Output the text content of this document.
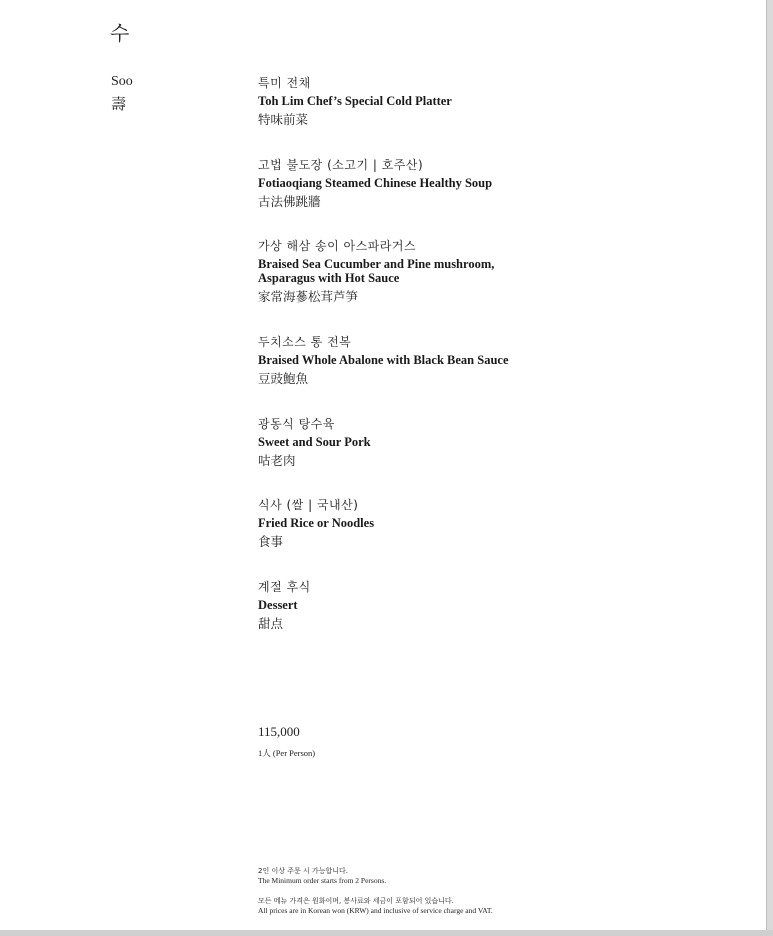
수
Soo
壽
특미 전채
Toh Lim Chef’s Special Cold Platter
特味前菜
고법 불도장 (소고기 | 호주산)
Fotiaoqiang Steamed Chinese Healthy Soup
古法佛跳牆
가상 해삼 송이 아스파라거스
Braised Sea Cucumber and Pine mushroom,
Asparagus with Hot Sauce
家常海蔘松茸芦笋
두치소스 통 전복
Braised Whole Abalone with Black Bean Sauce
豆豉鮑魚
광동식 탕수육
Sweet and Sour Pork
咕老肉
식사 (쌀 | 국내산)
Fried Rice or Noodles
食事
계절 후식
Dessert
甜点
115,000
1人 (Per Person)
2인 이상 주문 시 가능합니다.
The Minimum order starts from 2 Persons.
모든 메뉴 가격은 원화이며, 봉사료와 세금이 포함되어 있습니다.
All prices are in Korean won (KRW) and inclusive of service charge and VAT.
